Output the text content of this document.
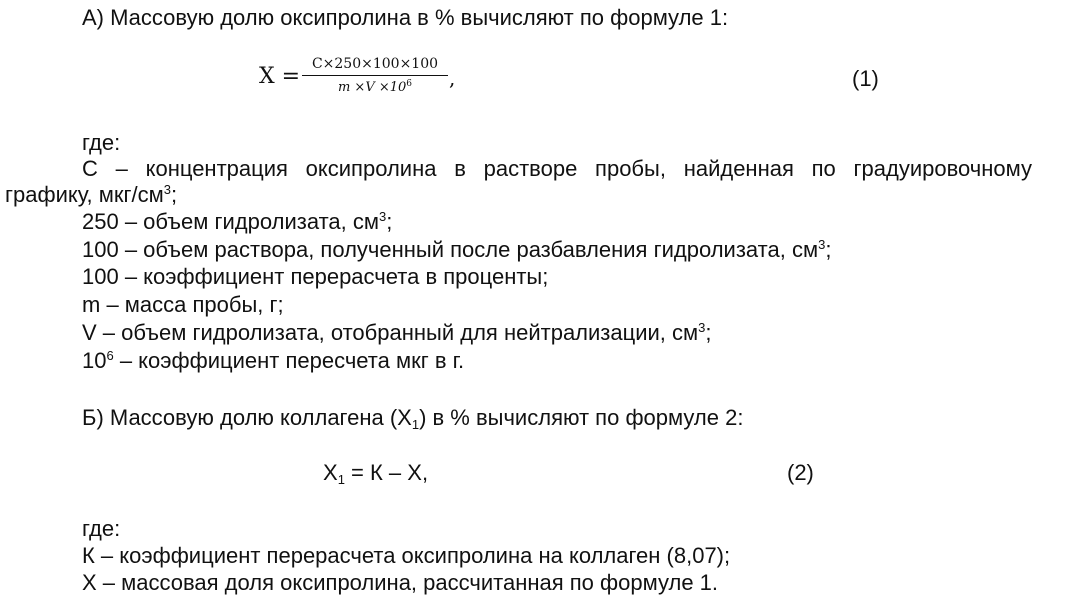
А) Массовую долю оксипролина в % вычисляют по формуле 1:
X = C×250×100×100
$m \times V \times 10^6$	,	(1)
где:
С – концентрация оксипролина в растворе пробы, найденная по градуировочному
графику, мкг/$см^3$;
250 – объем гидролизата, $см^3$;
100 – объем раствора, полученный после разбавления гидролизата, $см^3$;
100 – коэффициент перерасчета в проценты;
m – масса пробы, г;
V – объем гидролизата, отобранный для нейтрализации, $см^3$;
$10^6$ – коэффициент пересчета мкг в г.
Б) Массовую долю коллагена $(Х_1)$ в % вычисляют по формуле 2:
$Х_1 = К - Х$,	(2)
где:
К – коэффициент перерасчета оксипролина на коллаген (8,07);
Х – массовая доля оксипролина, рассчитанная по формуле 1.
